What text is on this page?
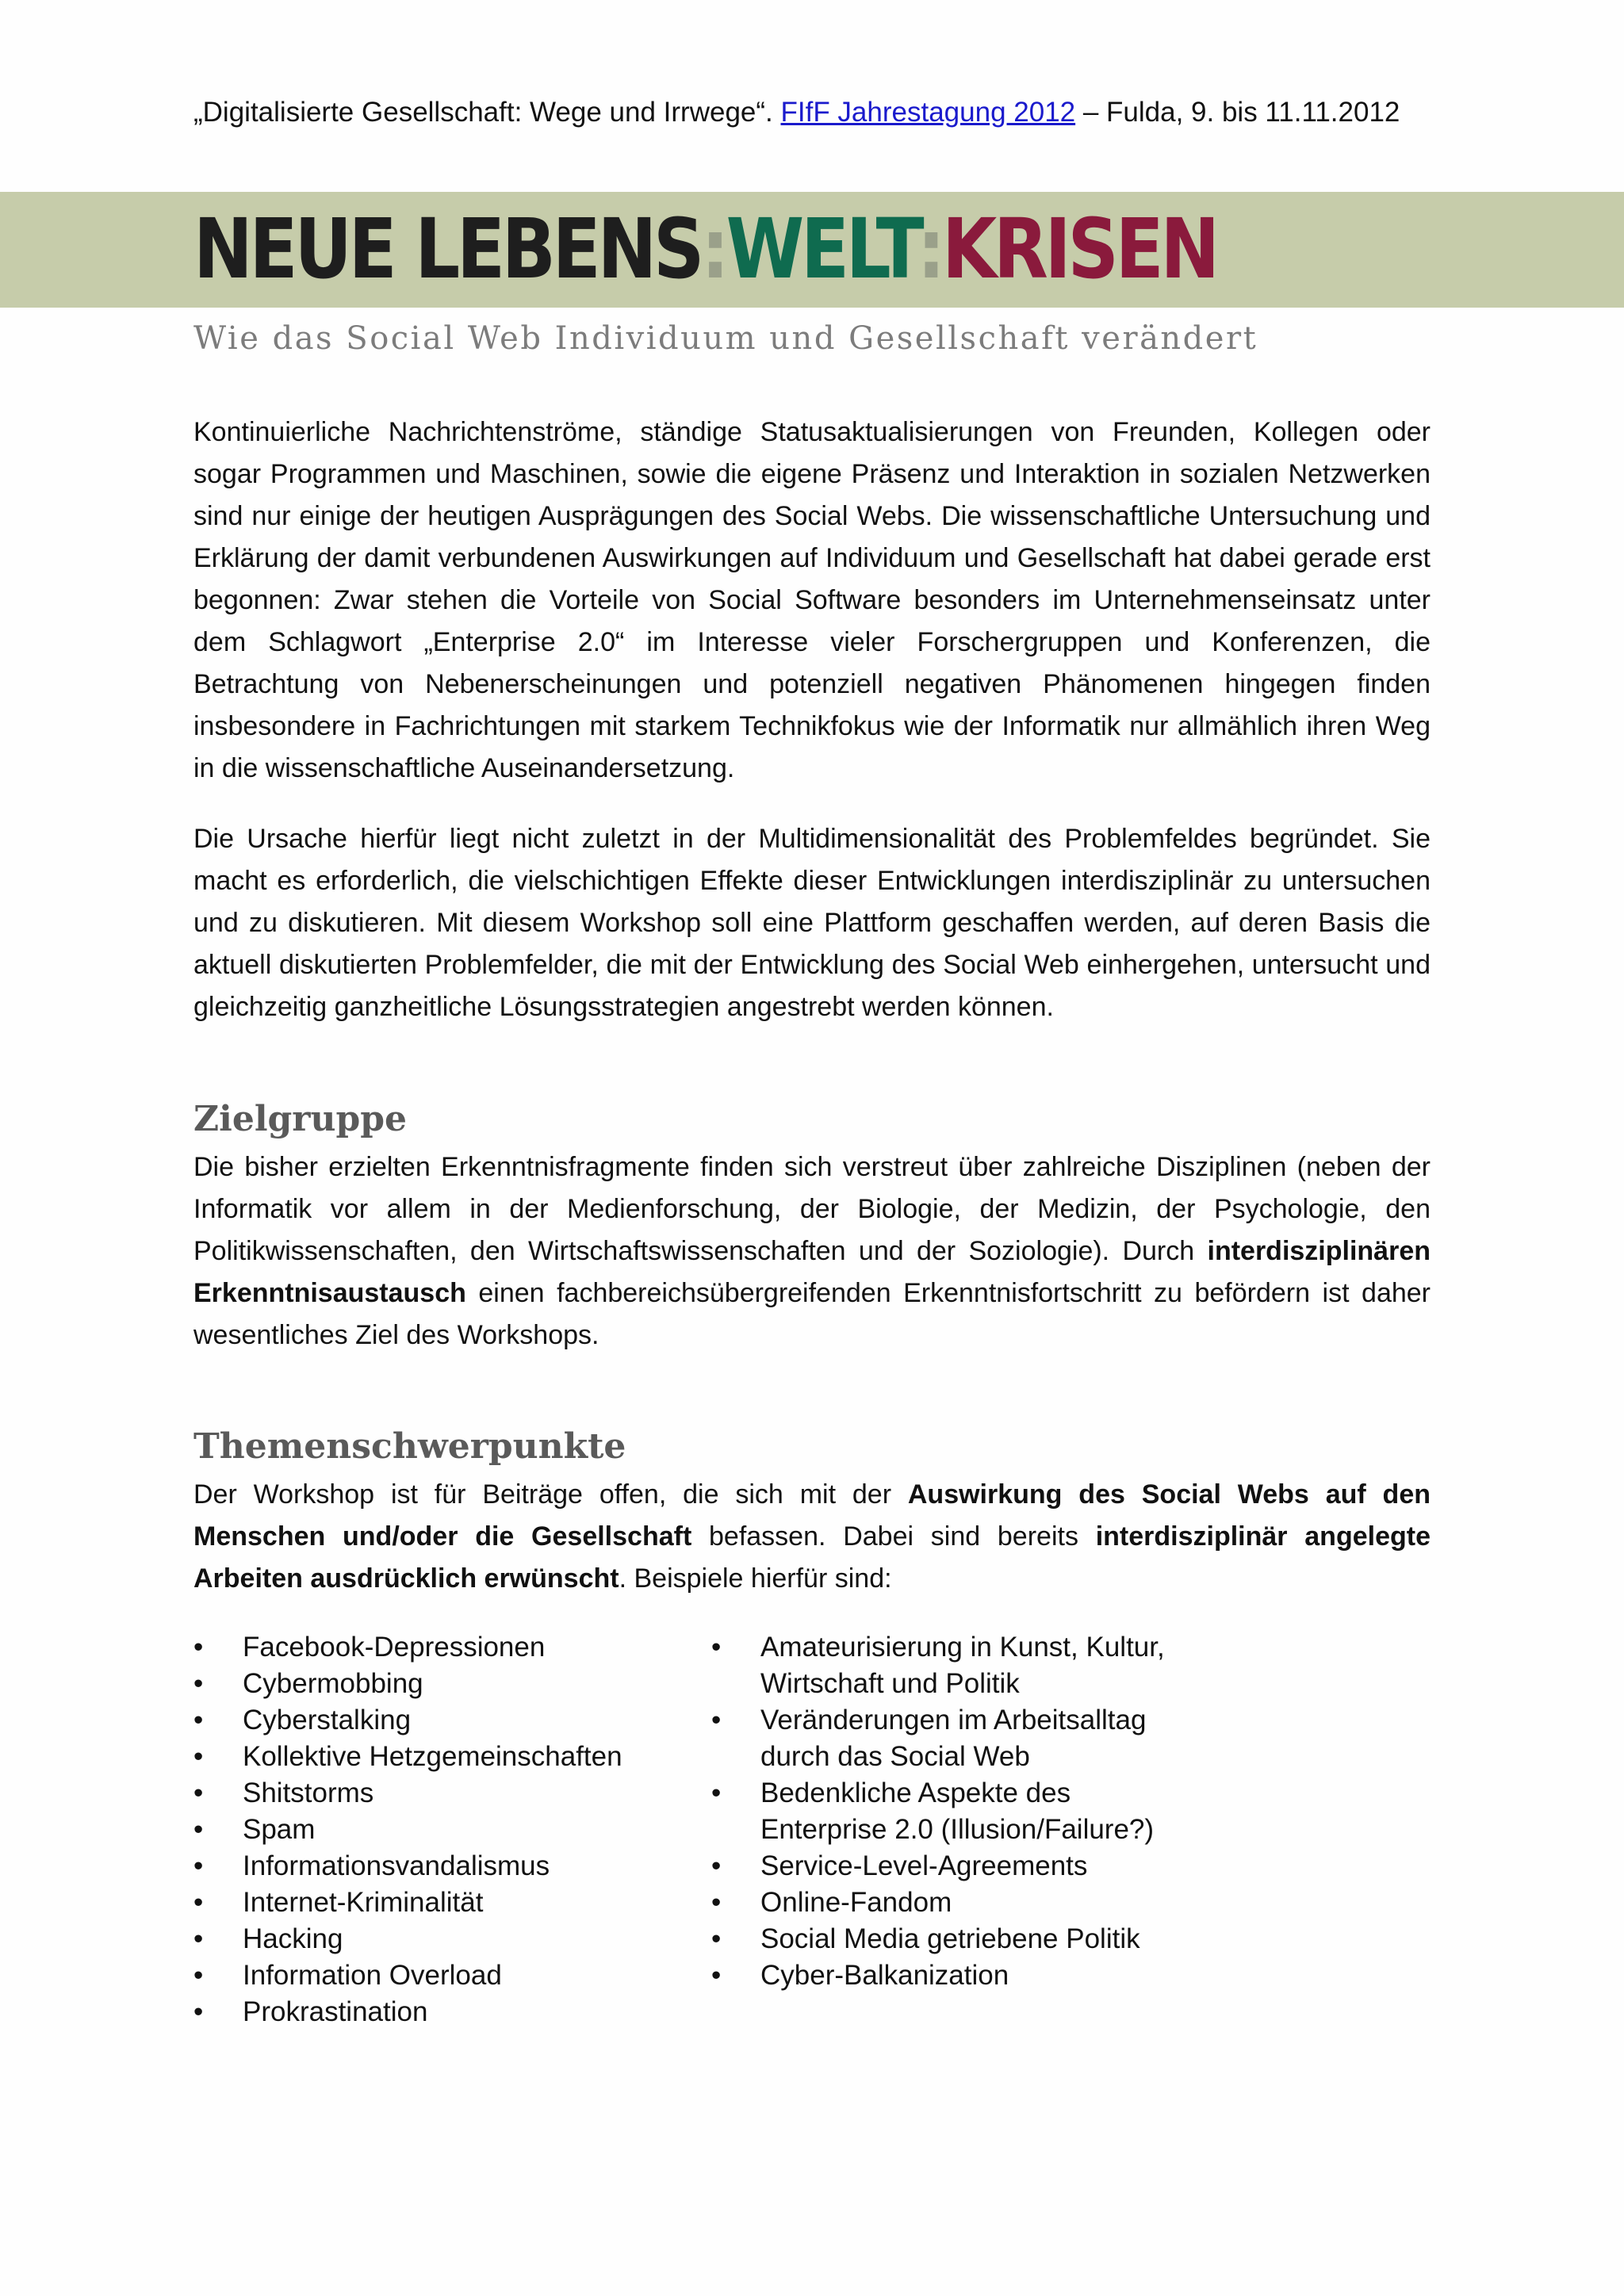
„Digitalisierte Gesellschaft: Wege und Irrwege“. FIfF Jahrestagung 2012 – Fulda, 9. bis 11.11.2012
NEUE LEBENS:WELT:KRISEN
Wie das Social Web Individuum und Gesellschaft verändert

Kontinuierliche Nachrichtenströme, ständige Statusaktualisierungen von Freunden, Kollegen oder sogar Programmen und Maschinen, sowie die eigene Präsenz und Interaktion in sozialen Netzwerken sind nur einige der heutigen Ausprägungen des Social Webs. Die wissenschaftliche Untersuchung und Erklärung der damit verbundenen Auswirkungen auf Individuum und Gesellschaft hat dabei gerade erst begonnen: Zwar stehen die Vorteile von Social Software besonders im Unternehmenseinsatz unter dem Schlagwort „Enterprise 2.0“ im Interesse vieler Forschergruppen und Konferenzen, die Betrachtung von Nebenerscheinungen und potenziell negativen Phänomenen hingegen finden insbesondere in Fachrichtungen mit starkem Technikfokus wie der Informatik nur allmählich ihren Weg in die wissenschaftliche Auseinandersetzung.

Die Ursache hierfür liegt nicht zuletzt in der Multidimensionalität des Problemfeldes begründet. Sie macht es erforderlich, die vielschichtigen Effekte dieser Entwicklungen interdisziplinär zu untersuchen und zu diskutieren. Mit diesem Workshop soll eine Plattform geschaffen werden, auf deren Basis die aktuell diskutierten Problemfelder, die mit der Entwicklung des Social Web einhergehen, untersucht und gleichzeitig ganzheitliche Lösungsstrategien angestrebt werden können.

Zielgruppe

Die bisher erzielten Erkenntnisfragmente finden sich verstreut über zahlreiche Disziplinen (neben der Informatik vor allem in der Medienforschung, der Biologie, der Medizin, der Psychologie, den Politikwissenschaften, den Wirtschaftswissenschaften und der Soziologie). Durch interdisziplinären Erkenntnisaustausch einen fachbereichsübergreifenden Erkenntnisfortschritt zu befördern ist daher wesentliches Ziel des Workshops.

Themenschwerpunkte

Der Workshop ist für Beiträge offen, die sich mit der Auswirkung des Social Webs auf den Menschen und/oder die Gesellschaft befassen. Dabei sind bereits interdisziplinär angelegte Arbeiten ausdrücklich erwünscht. Beispiele hierfür sind:

• Facebook-Depressionen
• Cybermobbing
• Cyberstalking
• Kollektive Hetzgemeinschaften
• Shitstorms
• Spam
• Informationsvandalismus
• Internet-Kriminalität
• Hacking
• Information Overload
• Prokrastination
• Amateurisierung in Kunst, Kultur, Wirtschaft und Politik
• Veränderungen im Arbeitsalltag durch das Social Web
• Bedenkliche Aspekte des Enterprise 2.0 (Illusion/Failure?)
• Service-Level-Agreements
• Online-Fandom
• Social Media getriebene Politik
• Cyber-Balkanization
